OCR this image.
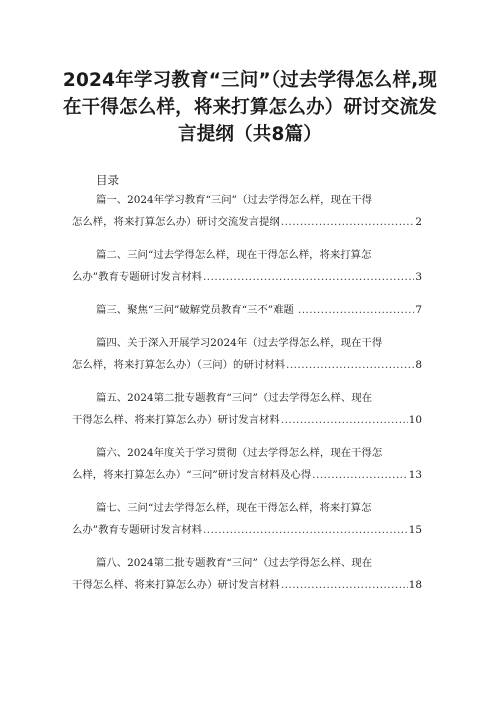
2024年学习教育“三问”（过去学得怎么样,现在干得怎么样，将来打算怎么办）研讨交流发言提纲（共8篇）
目录
篇一、2024年学习教育“三问”（过去学得怎么样，现在干得
怎么样，将来打算怎么办）研讨交流发言提纲 .....	2
篇二、三问“过去学得怎么样，现在干得怎么样，将来打算怎
么办”教育专题研讨发言材料 .....	3
篇三、聚焦“三问”破解党员教育“三不”难题 .....	7
篇四、关于深入开展学习2024年（过去学得怎么样，现在干得
怎么样，将来打算怎么办）（三问）的研讨材料 .....	8
篇五、2024第二批专题教育“三问”（过去学得怎么样、现在
干得怎么样、将来打算怎么办）研讨发言材料 .....	10
篇六、2024年度关于学习贯彻（过去学得怎么样，现在干得怎
么样，将来打算怎么办）“三问”研讨发言材料及心得 .....	13
篇七、三问“过去学得怎么样，现在干得怎么样，将来打算怎
么办”教育专题研讨发言材料 .....	15
篇八、2024第二批专题教育“三问”（过去学得怎么样、现在
干得怎么样、将来打算怎么办）研讨发言材料 .....	18
